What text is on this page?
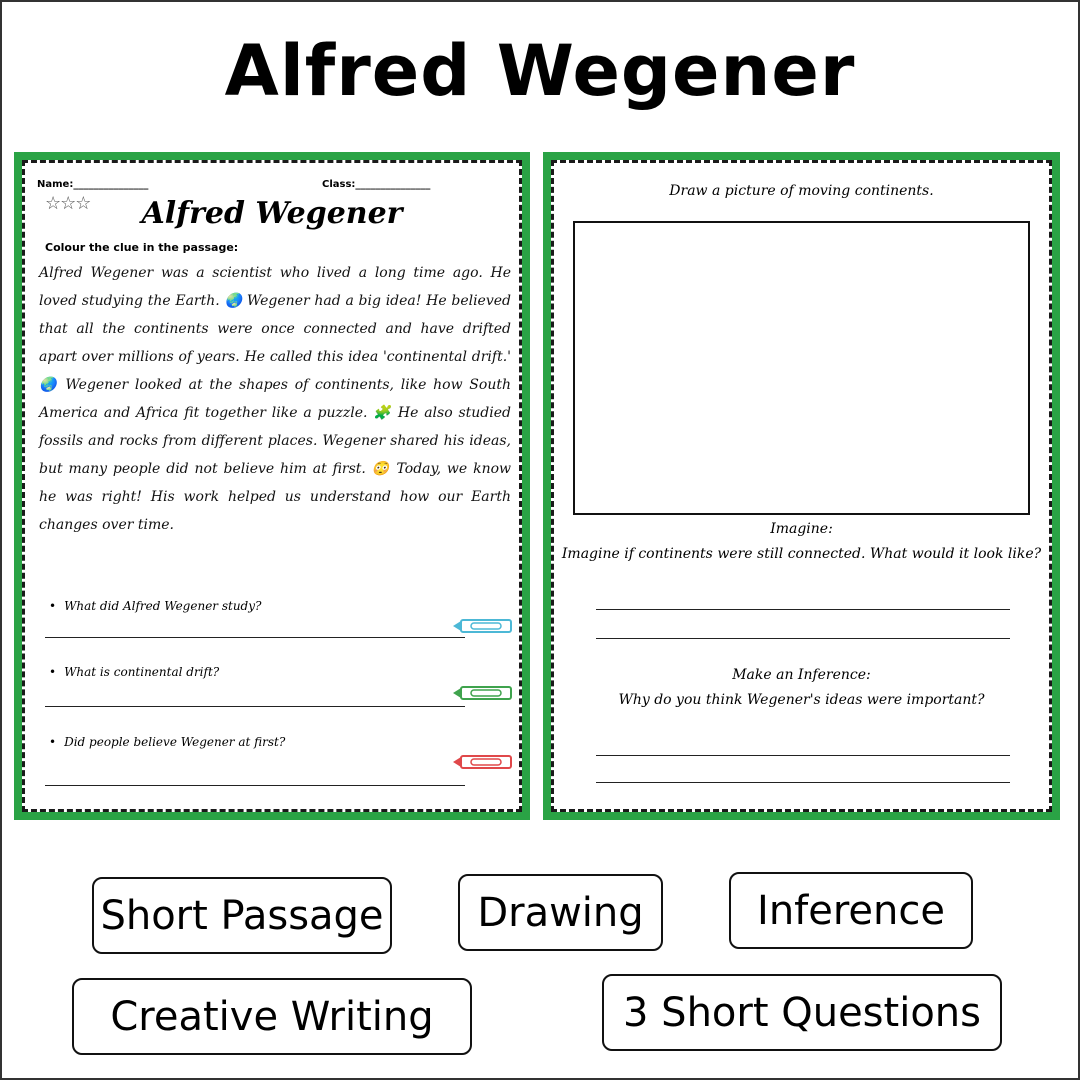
Alfred Wegener
Name:_______________	Class:_______________
☆☆☆	Alfred Wegener
Colour the clue in the passage:
Alfred Wegener was a scientist who lived a long time ago. He loved studying the Earth. 🌏 Wegener had a big idea! He believed that all the continents were once connected and have drifted apart over millions of years. He called this idea 'continental drift.' 🌏 Wegener looked at the shapes of continents, like how South America and Africa fit together like a puzzle. 🧩 He also studied fossils and rocks from different places. Wegener shared his ideas, but many people did not believe him at first. 😳 Today, we know he was right! His work helped us understand how our Earth changes over time.
• What did Alfred Wegener study?
• What is continental drift?
• Did people believe Wegener at first?
Draw a picture of moving continents.
Imagine:
Imagine if continents were still connected. What would it look like?
Make an Inference:
Why do you think Wegener's ideas were important?
Short Passage	Drawing	Inference
Creative Writing	3 Short Questions
